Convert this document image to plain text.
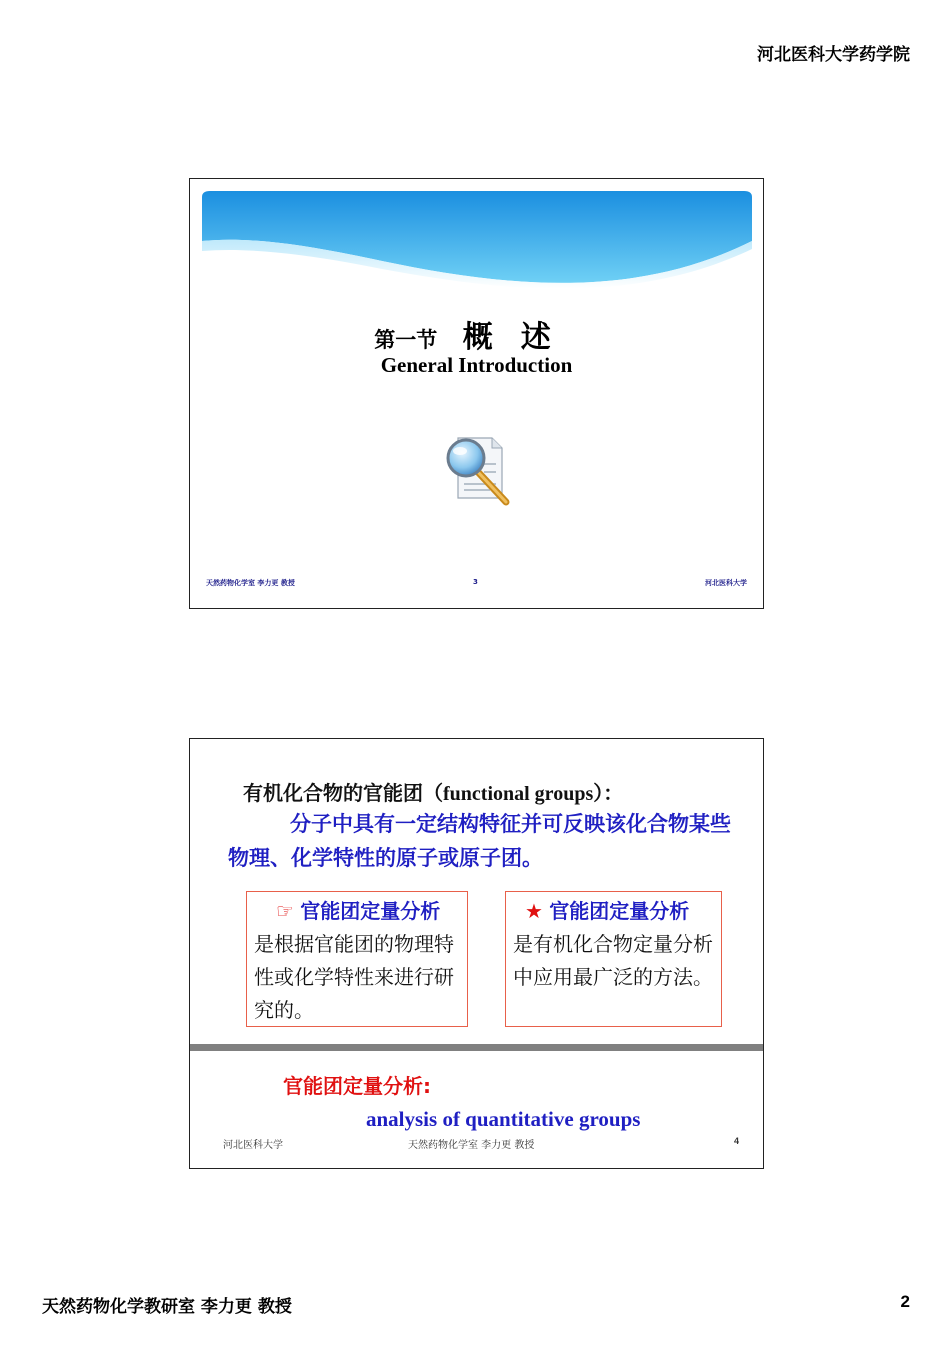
河北医科大学药学院
第一节 概述
General Introduction
天然药物化学室 李力更 教授	3	河北医科大学
有机化合物的官能团（functional groups）：
分子中具有一定结构特征并可反映该化合物某些物理、化学特性的原子或原子团。
☞ 官能团定量分析 是根据官能团的物理特性或化学特性来进行研究的。
★ 官能团定量分析 是有机化合物定量分析中应用最广泛的方法。
官能团定量分析:
analysis of quantitative groups
河北医科大学	天然药物化学室 李力更 教授	4
天然药物化学教研室 李力更 教授	2
